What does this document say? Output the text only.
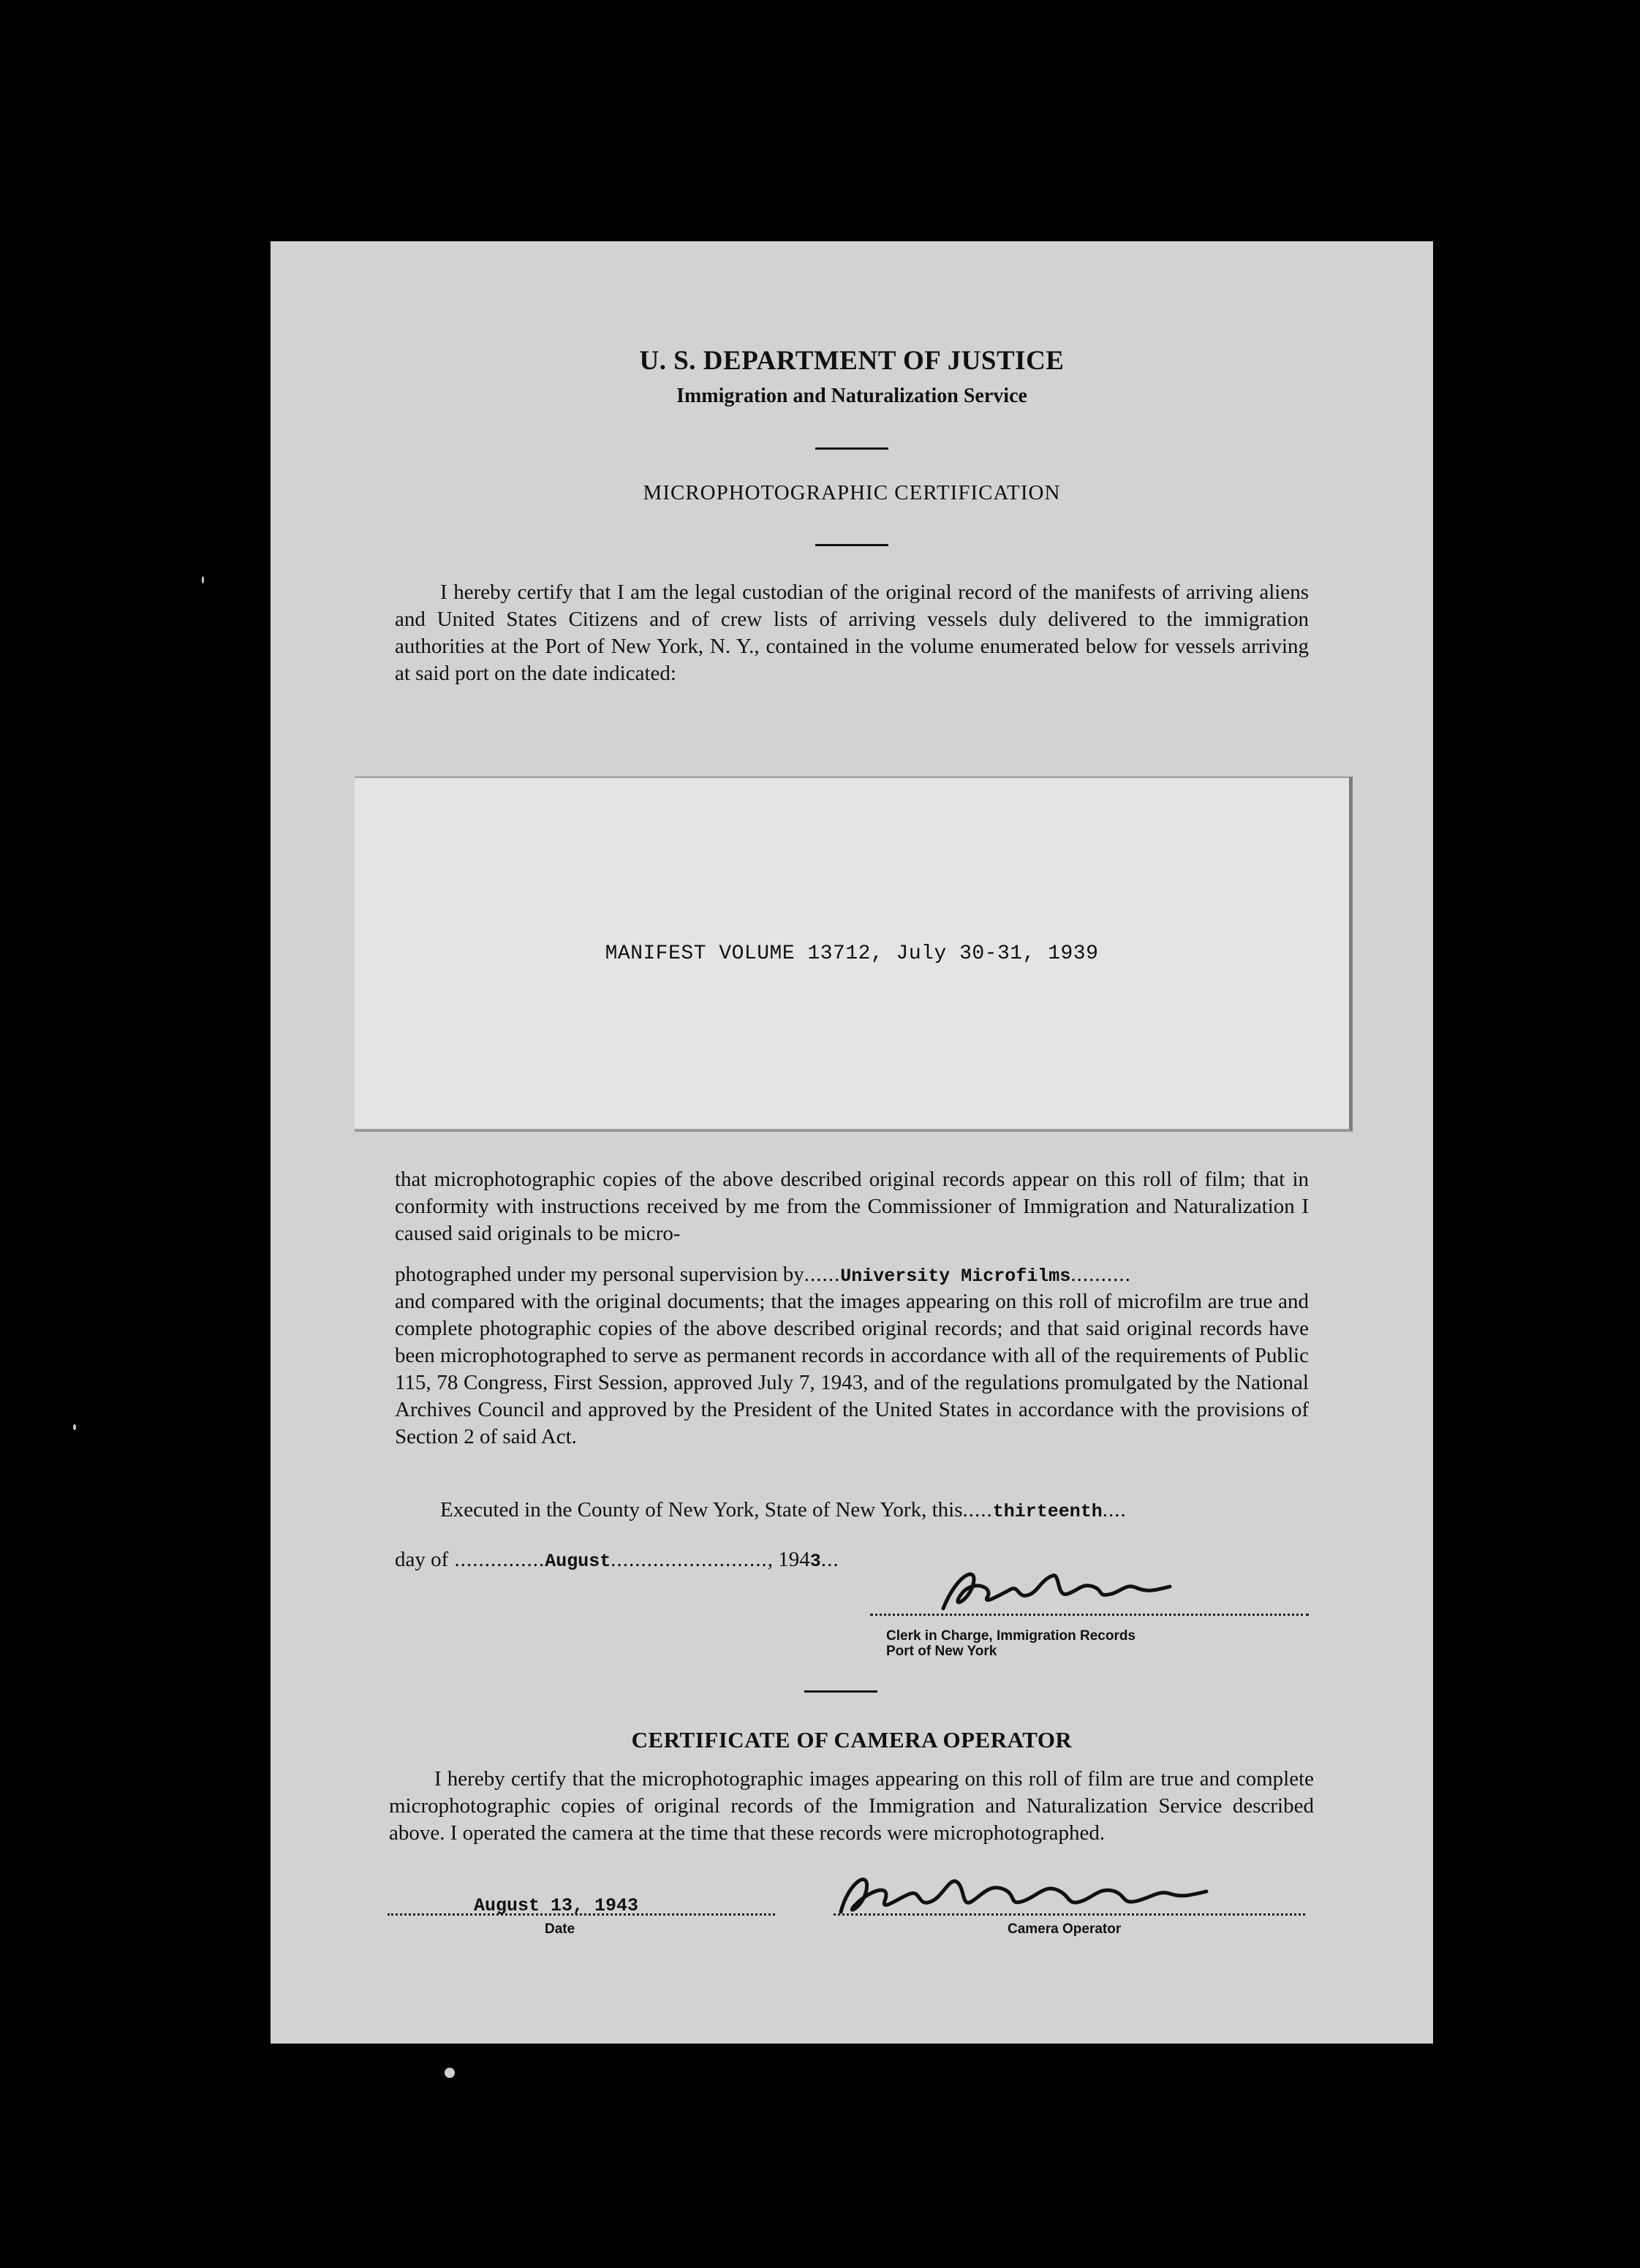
U. S. DEPARTMENT OF JUSTICE
Immigration and Naturalization Service
MICROPHOTOGRAPHIC CERTIFICATION

I hereby certify that I am the legal custodian of the original record of the manifests of arriving aliens and United States Citizens and of crew lists of arriving vessels duly delivered to the immigration authorities at the Port of New York, N. Y., contained in the volume enumerated below for vessels arriving at said port on the date indicated:

MANIFEST VOLUME 13712, July 30-31, 1939

that microphotographic copies of the above described original records appear on this roll of film; that in conformity with instructions received by me from the Commissioner of Immigration and Naturalization I caused said originals to be micro-

photographed under my personal supervision by......University Microfilms..........

and compared with the original documents; that the images appearing on this roll of microfilm are true and complete photographic copies of the above described original records; and that said original records have been microphotographed to serve as permanent records in accordance with all of the requirements of Public 115, 78 Congress, First Session, approved July 7, 1943, and of the regulations promulgated by the National Archives Council and approved by the President of the United States in accordance with the provisions of Section 2 of said Act.

Executed in the County of New York, State of New York, this.....thirteenth....
day of ...............August.........................., 1943...
Clerk in Charge, Immigration Records
Port of New York
CERTIFICATE OF CAMERA OPERATOR

I hereby certify that the microphotographic images appearing on this roll of film are true and complete microphotographic copies of original records of the Immigration and Naturalization Service described above. I operated the camera at the time that these records were microphotographed.

August 13, 1943
Date	Camera Operator
